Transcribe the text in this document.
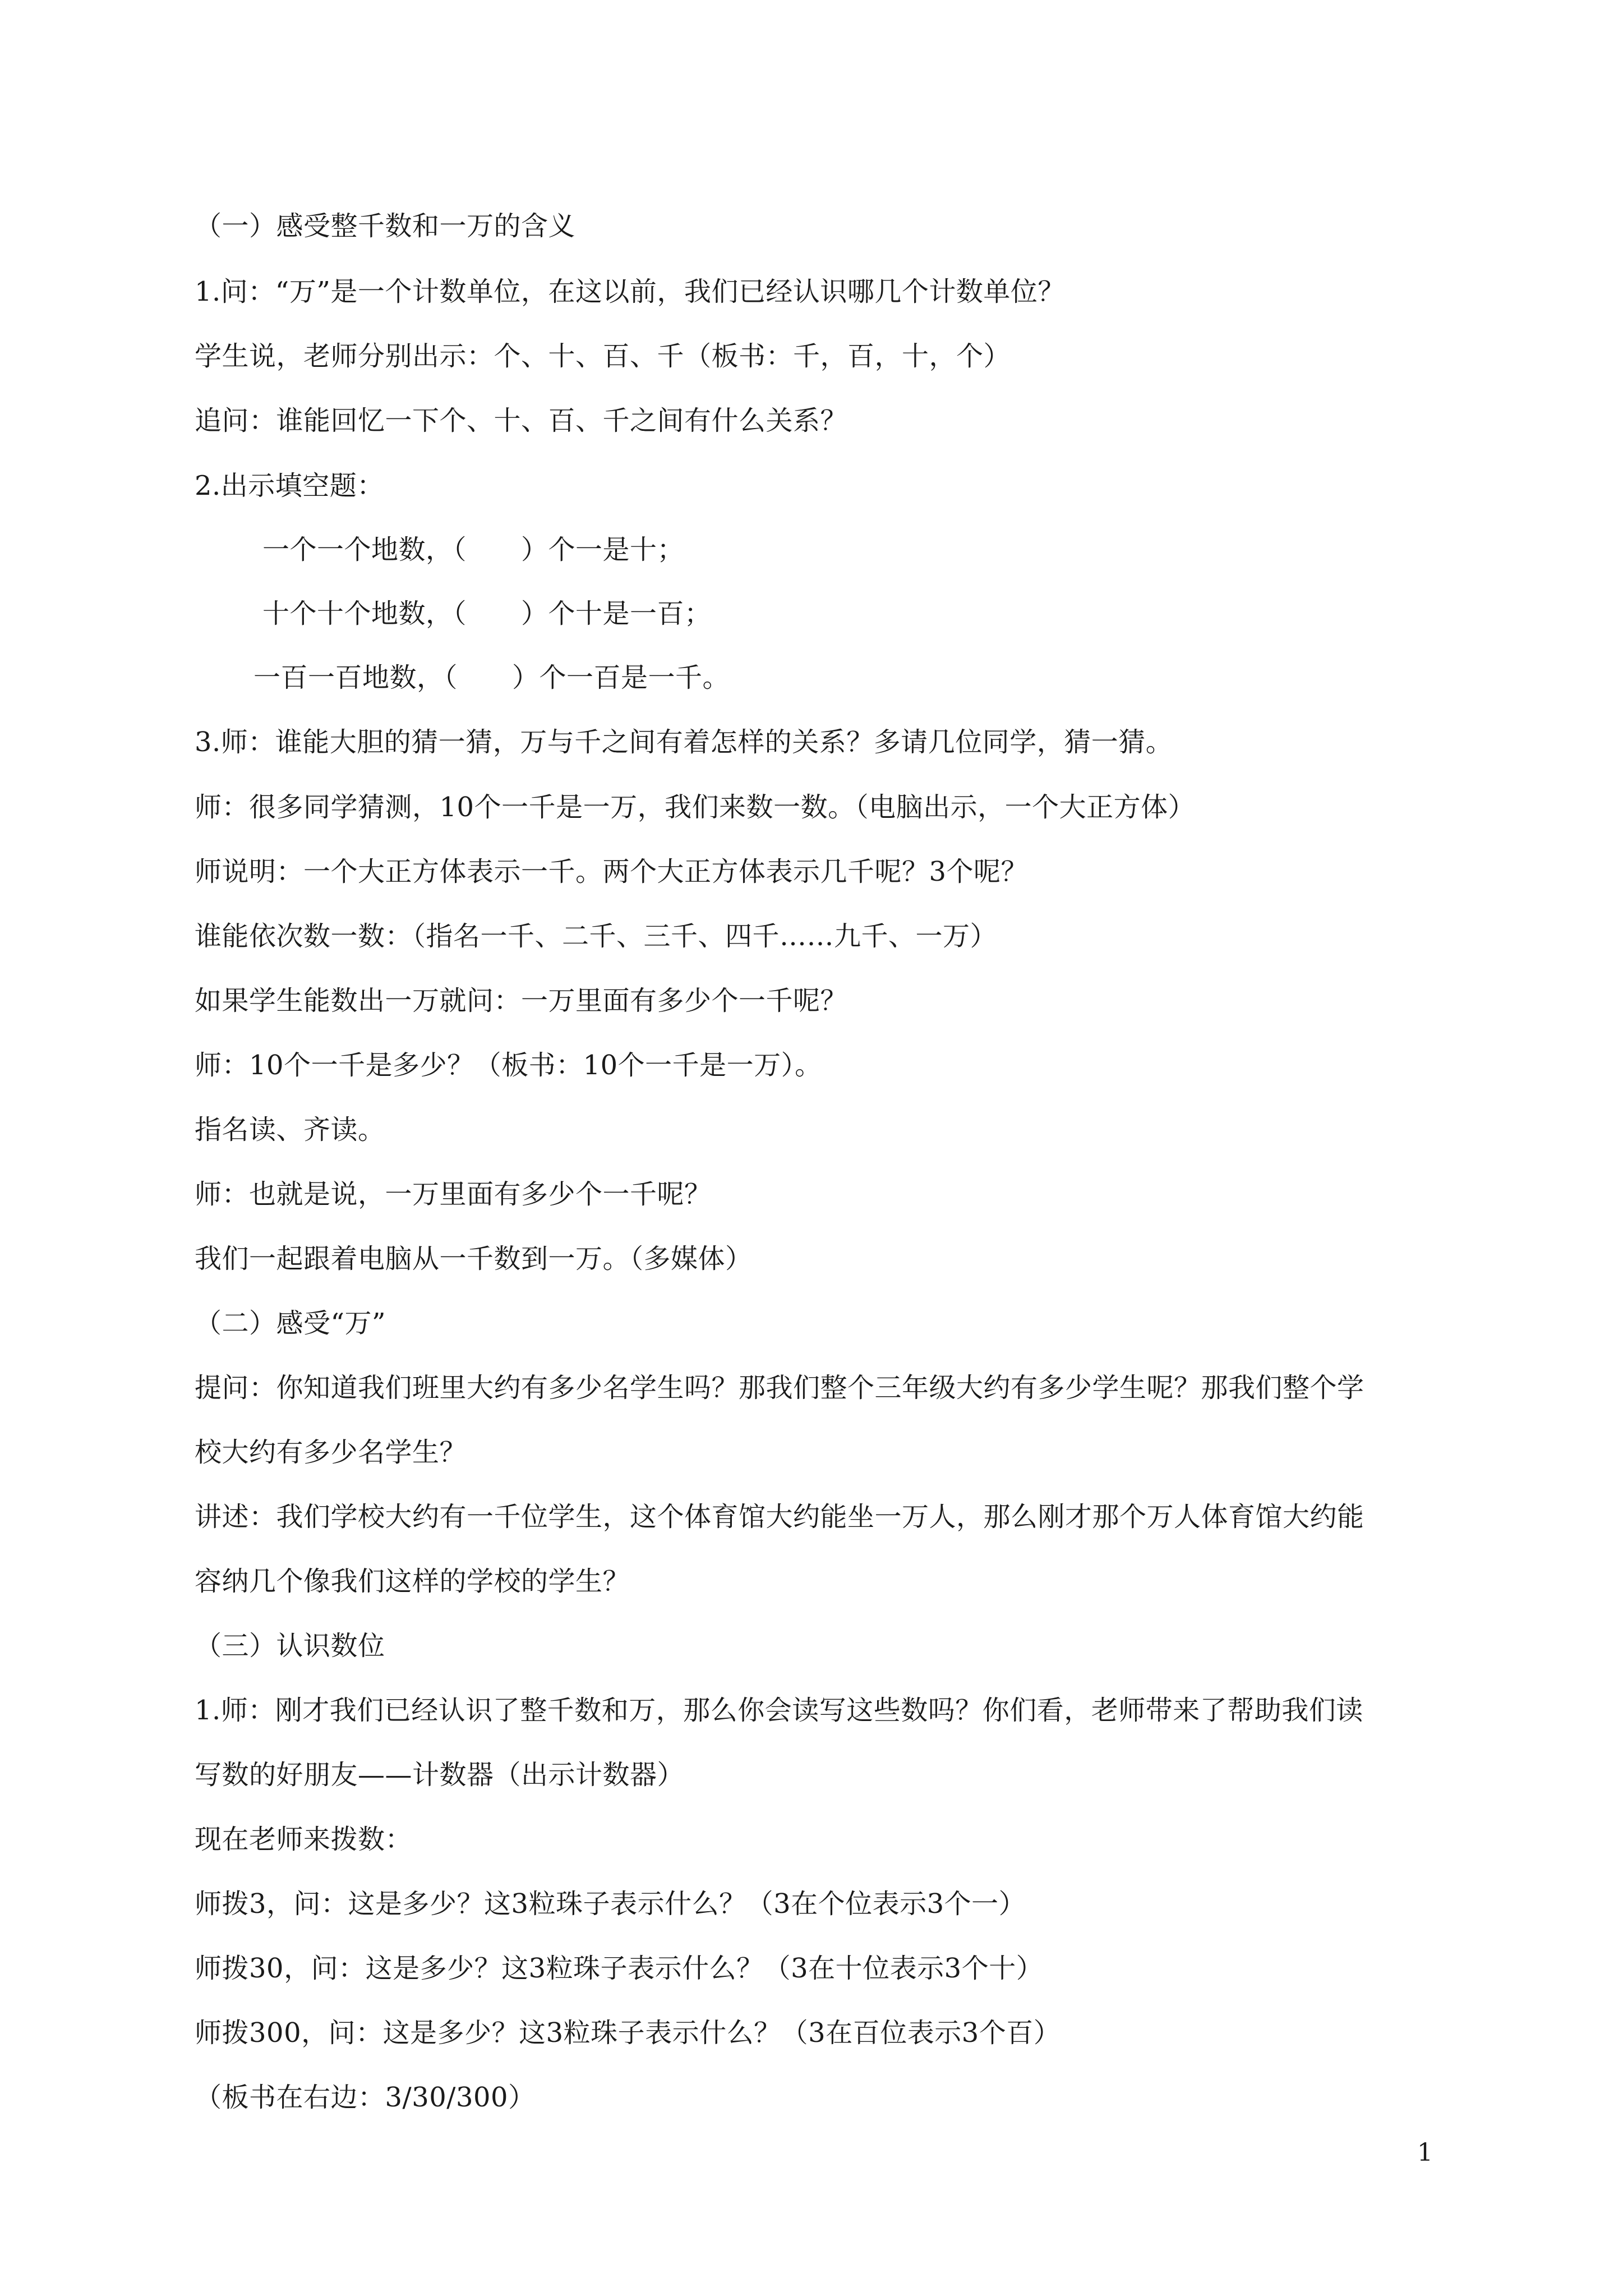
（一）感受整千数和一万的含义
1.问：“万”是一个计数单位，在这以前，我们已经认识哪几个计数单位？
学生说，老师分别出示：个、十、百、千（板书：千，百，十，个）
追问：谁能回忆一下个、十、百、千之间有什么关系？
2.出示填空题：
一个一个地数，（　　）个一是十；
十个十个地数，（　　）个十是一百；
一百一百地数，（　　）个一百是一千。
3.师：谁能大胆的猜一猜，万与千之间有着怎样的关系？多请几位同学，猜一猜。
师：很多同学猜测，10个一千是一万，我们来数一数。（电脑出示，一个大正方体）
师说明：一个大正方体表示一千。两个大正方体表示几千呢？3个呢？
谁能依次数一数：（指名一千、二千、三千、四千……九千、一万）
如果学生能数出一万就问：一万里面有多少个一千呢？
师：10个一千是多少？（板书：10个一千是一万）。
指名读、齐读。
师：也就是说，一万里面有多少个一千呢？
我们一起跟着电脑从一千数到一万。（多媒体）
（二）感受“万”
提问：你知道我们班里大约有多少名学生吗？那我们整个三年级大约有多少学生呢？那我们整个学
校大约有多少名学生？
讲述：我们学校大约有一千位学生，这个体育馆大约能坐一万人，那么刚才那个万人体育馆大约能
容纳几个像我们这样的学校的学生？
（三）认识数位
1.师：刚才我们已经认识了整千数和万，那么你会读写这些数吗？你们看，老师带来了帮助我们读
写数的好朋友——计数器（出示计数器）
现在老师来拨数：
师拨3，问：这是多少？这3粒珠子表示什么？（3在个位表示3个一）
师拨30，问：这是多少？这3粒珠子表示什么？（3在十位表示3个十）
师拨300，问：这是多少？这3粒珠子表示什么？（3在百位表示3个百）
（板书在右边：3/30/300）
1
